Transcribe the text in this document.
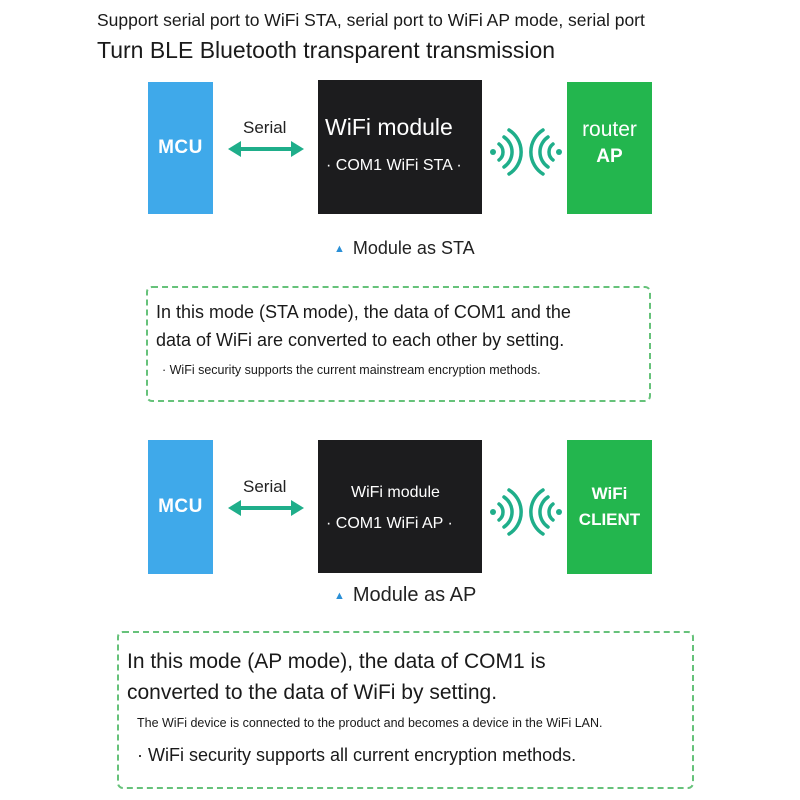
Support serial port to WiFi STA, serial port to WiFi AP mode, serial port
Turn BLE Bluetooth transparent transmission
MCU
Serial WiFi module
· COM1 WiFi STA ·
router
AP
▲ Module as STA
In this mode (STA mode), the data of COM1 and the
data of WiFi are converted to each other by setting.
· WiFi security supports the current mainstream encryption methods.
MCU
Serial	WiFi module
· COM1 WiFi AP ·
WiFi
CLIENT
▲ Module as AP
In this mode (AP mode), the data of COM1 is
converted to the data of WiFi by setting.
The WiFi device is connected to the product and becomes a device in the WiFi LAN.
· WiFi security supports all current encryption methods.
